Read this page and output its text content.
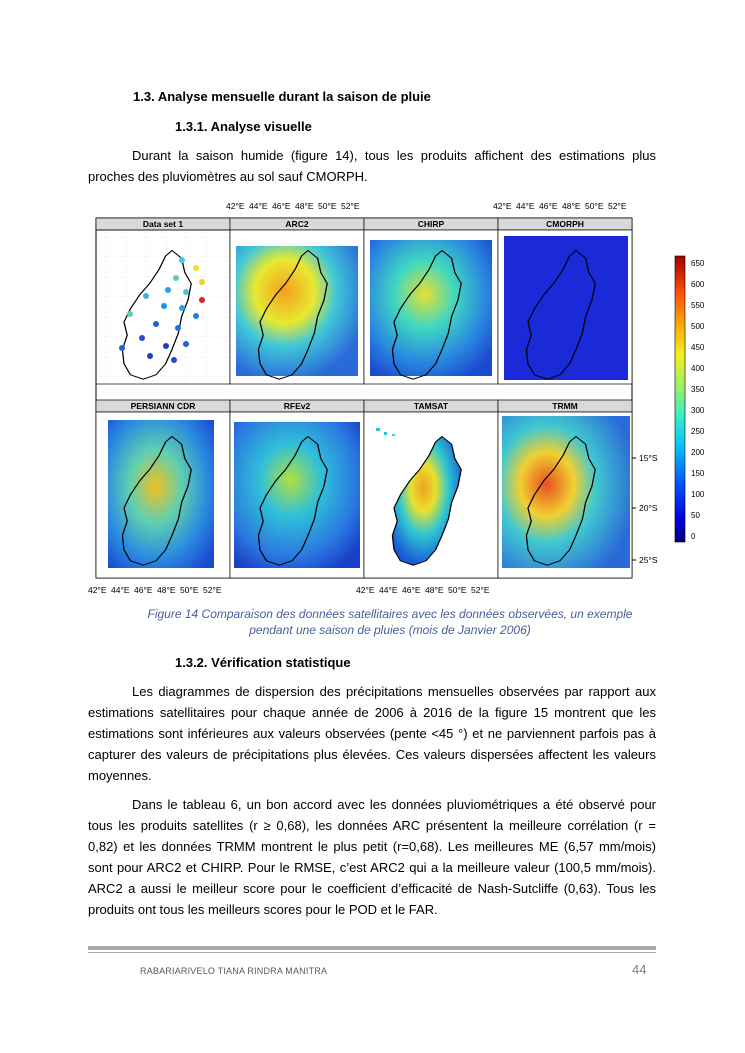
1.3. Analyse mensuelle durant la saison de pluie
1.3.1. Analyse visuelle
Durant la saison humide (figure 14), tous les produits affichent des estimations plus proches des pluviomètres au sol sauf CMORPH.
42°E 44°E 46°E 48°E 50°E 52°E	42°E 44°E 46°E 48°E 50°E 52°E
Data set 1	ARC2	CHIRP	CMORPH
PERSIANN CDR	RFEv2	TAMSAT	TRMM
15°S
20°S
25°S
42°E 44°E 46°E 48°E 50°E 52°E	42°E 44°E 46°E 48°E 50°E 52°E
650
600
550
500
450
400
350
300
250
200
150
100
50
0
Figure 14 Comparaison des données satellitaires avec les données observées, un exemple
pendant une saison de pluies (mois de Janvier 2006)
1.3.2. Vérification statistique
Les diagrammes de dispersion des précipitations mensuelles observées par rapport aux estimations satellitaires pour chaque année de 2006 à 2016 de la figure 15 montrent que les estimations sont inférieures aux valeurs observées (pente <45 °) et ne parviennent parfois pas à capturer des valeurs de précipitations plus élevées. Ces valeurs dispersées affectent les valeurs moyennes.
Dans le tableau 6, un bon accord avec les données pluviométriques a été observé pour tous les produits satellites (r ≥ 0,68), les données ARC présentent la meilleure corrélation (r = 0,82) et les données TRMM montrent le plus petit (r=0,68). Les meilleures ME (6,57 mm/mois) sont pour ARC2 et CHIRP. Pour le RMSE, c’est ARC2 qui a la meilleure valeur (100,5 mm/mois). ARC2 a aussi le meilleur score pour le coefficient d’efficacité de Nash-Sutcliffe (0,63). Tous les produits ont tous les meilleurs scores pour le POD et le FAR.
RABARIARIVELO TIANA RINDRA MANITRA	44
